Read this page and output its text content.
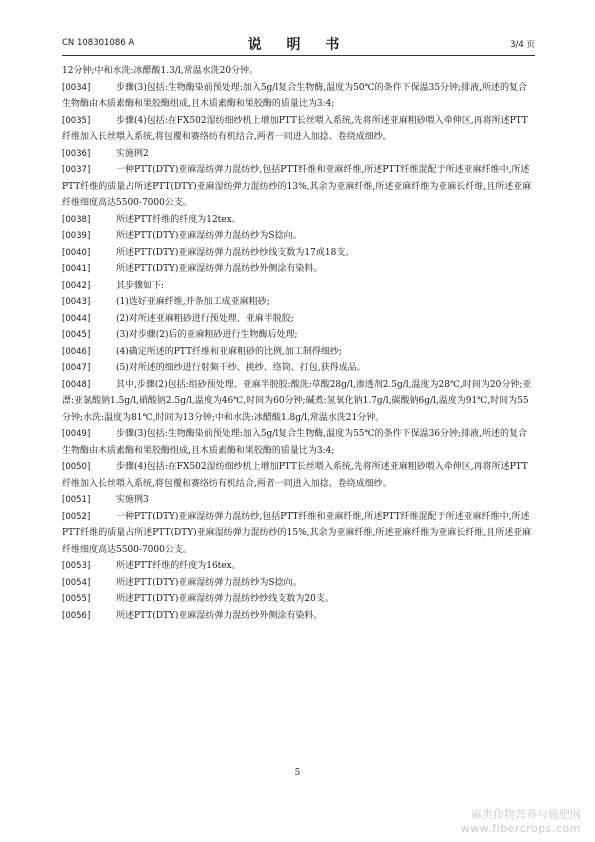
CN 108301086 A	说 明 书	3/4 页
12分钟;中和水洗:冰醋酸1.3/l,常温水洗20分钟。
[0034]	步骤(3)包括:生物酶染前预处理:加入5g/l复合生物酶,温度为50℃的条件下保温35分钟;排液,所述的复合生物酶由木质素酶和果胶酶组成,且木质素酶和果胶酶的质量比为3:4;
[0035]	步骤(4)包括:在FX502湿纺细纱机上增加PTT长丝喂入系统,先将所述亚麻粗砂喂入牵伸区,再将所述PTT纤维加入长丝喂入系统,将包覆和赛络纺有机结合,两者一同进入加捻、卷绕成细纱。
[0036]	实施例2
[0037]	一种PTT(DTY)亚麻湿纺弹力混纺纱,包括PTT纤维和亚麻纤维,所述PTT纤维混配于所述亚麻纤维中,所述PTT纤维的质量占所述PTT(DTY)亚麻湿纺弹力混纺纱的13%,其余为亚麻纤维,所述亚麻纤维为亚麻长纤维,且所述亚麻纤维细度高达5500-7000公支。
[0038]	所述PTT纤维的纤度为12tex。
[0039]	所述PTT(DTY)亚麻湿纺弹力混纺纱为S捻向。
[0040]	所述PTT(DTY)亚麻湿纺弹力混纺纱纱线支数为17或18支。
[0041]	所述PTT(DTY)亚麻湿纺弹力混纺纱外侧涂有染料。
[0042]	其步骤如下:
[0043]	(1)选好亚麻纤维,并条加工成亚麻粗砂;
[0044]	(2)对所述亚麻粗砂进行预处理、亚麻半脱胶;
[0045]	(3)对步骤(2)后的亚麻粗砂进行生物酶后处理;
[0046]	(4)确定所述的PTT纤维和亚麻粗砂的比例,加工制得细纱;
[0047]	(5)对所述的细纱进行射频干纱、挑纱、络筒、打包,获得成品。
[0048]	其中,步骤(2)包括:组砂预处理、亚麻半脱胶:酸洗:草酸28g/l,渗透剂2.5g/l,温度为28℃,时间为20分钟;亚漂:亚氯酸钠1.5g/l,硝酸钠2.5g/l,温度为46℃,时间为60分钟;碱煮:氢氧化钠1.7g/l,碳酸钠6g/l,温度为91℃,时间为55分钟;水洗:温度为81℃,时间为13分钟;中和水洗:冰醋酸1.8g/l,常温水洗21分钟。
[0049]	步骤(3)包括:生物酶染前预处理:加入5g/l复合生物酶,温度为55℃的条件下保温36分钟;排液,所述的复合生物酶由木质素酶和果胶酶组成,且木质素酶和果胶酶的质量比为3:4;
[0050]	步骤(4)包括:在FX502湿纺细纱机上增加PTT长丝喂入系统,先将所述亚麻粗砂喂入牵伸区,再将所述PTT纤维加入长丝喂入系统,将包覆和赛络纺有机结合,两者一同进入加捻、卷绕成细纱。
[0051]	实施例3
[0052]	一种PTT(DTY)亚麻湿纺弹力混纺纱,包括PTT纤维和亚麻纤维,所述PTT纤维混配于所述亚麻纤维中,所述PTT纤维的质量占所述PTT(DTY)亚麻湿纺弹力混纺纱的15%,其余为亚麻纤维,所述亚麻纤维为亚麻长纤维,且所述亚麻纤维细度高达5500-7000公支。
[0053]	所述PTT纤维的纤度为16tex。
[0054]	所述PTT(DTY)亚麻湿纺弹力混纺纱为S捻向。
[0055]	所述PTT(DTY)亚麻湿纺弹力混纺纱纱线支数为20支。
[0056]	所述PTT(DTY)亚麻湿纺弹力混纺纱外侧涂有染料。
5
麻类作物营养与施肥网
www.fibercrops.com
